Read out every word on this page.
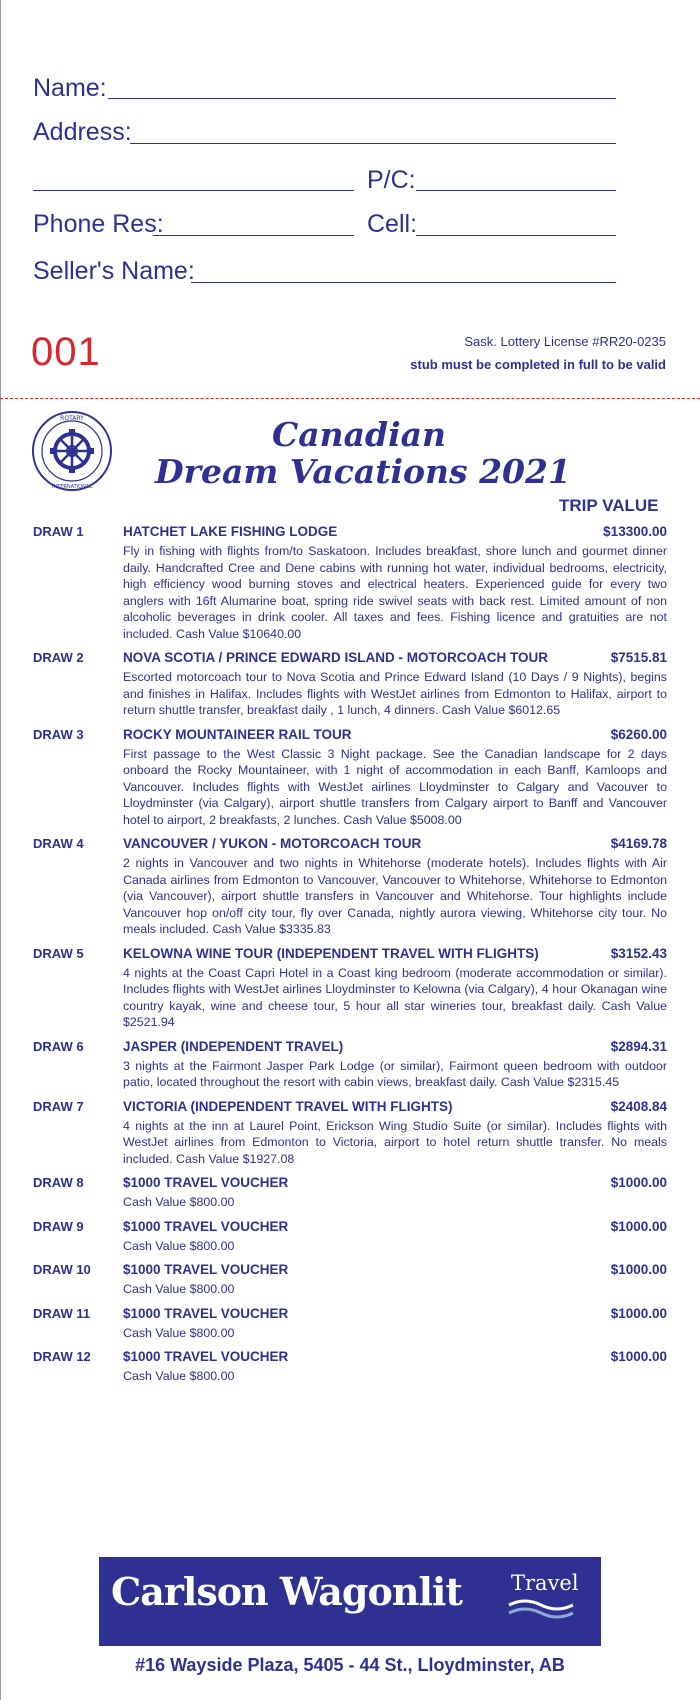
Name:
Address:
P/C:
Phone Res:	Cell:
Seller's Name:
001	Sask. Lottery License #RR20-0235
stub must be completed in full to be valid
ROTARY
INTERNATIONAL
Canadian
Dream Vacations 2021
TRIP VALUE
DRAW 1	HATCHET LAKE FISHING LODGE	$13300.00
Fly in fishing with flights from/to Saskatoon. Includes breakfast, shore lunch and gourmet dinner daily. Handcrafted Cree and Dene cabins with running hot water, individual bedrooms, electricity, high efficiency wood burning stoves and electrical heaters. Experienced guide for every two anglers with 16ft Alumarine boat, spring ride swivel seats with back rest. Limited amount of non alcoholic beverages in drink cooler. All taxes and fees. Fishing licence and gratuities are not included. Cash Value $10640.00
DRAW 2	NOVA SCOTIA / PRINCE EDWARD ISLAND - MOTORCOACH TOUR	$7515.81
Escorted motorcoach tour to Nova Scotia and Prince Edward Island (10 Days / 9 Nights), begins and finishes in Halifax. Includes flights with WestJet airlines from Edmonton to Halifax, airport to return shuttle transfer, breakfast daily , 1 lunch, 4 dinners. Cash Value $6012.65
DRAW 3	ROCKY MOUNTAINEER RAIL TOUR	$6260.00
First passage to the West Classic 3 Night package. See the Canadian landscape for 2 days onboard the Rocky Mountaineer, with 1 night of accommodation in each Banff, Kamloops and Vancouver. Includes flights with WestJet airlines Lloydminster to Calgary and Vacouver to Lloydminster (via Calgary), airport shuttle transfers from Calgary airport to Banff and Vancouver hotel to airport, 2 breakfasts, 2 lunches. Cash Value $5008.00
DRAW 4	VANCOUVER / YUKON - MOTORCOACH TOUR	$4169.78
2 nights in Vancouver and two nights in Whitehorse (moderate hotels). Includes flights with Air Canada airlines from Edmonton to Vancouver, Vancouver to Whitehorse, Whitehorse to Edmonton (via Vancouver), airport shuttle transfers in Vancouver and Whitehorse. Tour highlights include Vancouver hop on/off city tour, fly over Canada, nightly aurora viewing, Whitehorse city tour. No meals included. Cash Value $3335.83
DRAW 5	KELOWNA WINE TOUR (INDEPENDENT TRAVEL WITH FLIGHTS)	$3152.43
4 nights at the Coast Capri Hotel in a Coast king bedroom (moderate accommodation or similar). Includes flights with WestJet airlines Lloydminster to Kelowna (via Calgary), 4 hour Okanagan wine country kayak, wine and cheese tour, 5 hour all star wineries tour, breakfast daily. Cash Value $2521.94
DRAW 6	JASPER (INDEPENDENT TRAVEL)	$2894.31
3 nights at the Fairmont Jasper Park Lodge (or similar), Fairmont queen bedroom with outdoor patio, located throughout the resort with cabin views, breakfast daily. Cash Value $2315.45
DRAW 7	VICTORIA (INDEPENDENT TRAVEL WITH FLIGHTS)	$2408.84
4 nights at the inn at Laurel Point, Erickson Wing Studio Suite (or similar). Includes flights with WestJet airlines from Edmonton to Victoria, airport to hotel return shuttle transfer. No meals included. Cash Value $1927.08
DRAW 8	$1000 TRAVEL VOUCHER	$1000.00
Cash Value $800.00
DRAW 9	$1000 TRAVEL VOUCHER	$1000.00
Cash Value $800.00
DRAW 10 $1000 TRAVEL VOUCHER	$1000.00
Cash Value $800.00
DRAW 11 $1000 TRAVEL VOUCHER	$1000.00
Cash Value $800.00
DRAW 12 $1000 TRAVEL VOUCHER	$1000.00
Cash Value $800.00
Carlson Wagonlit Travel
#16 Wayside Plaza, 5405 - 44 St., Lloydminster, AB
